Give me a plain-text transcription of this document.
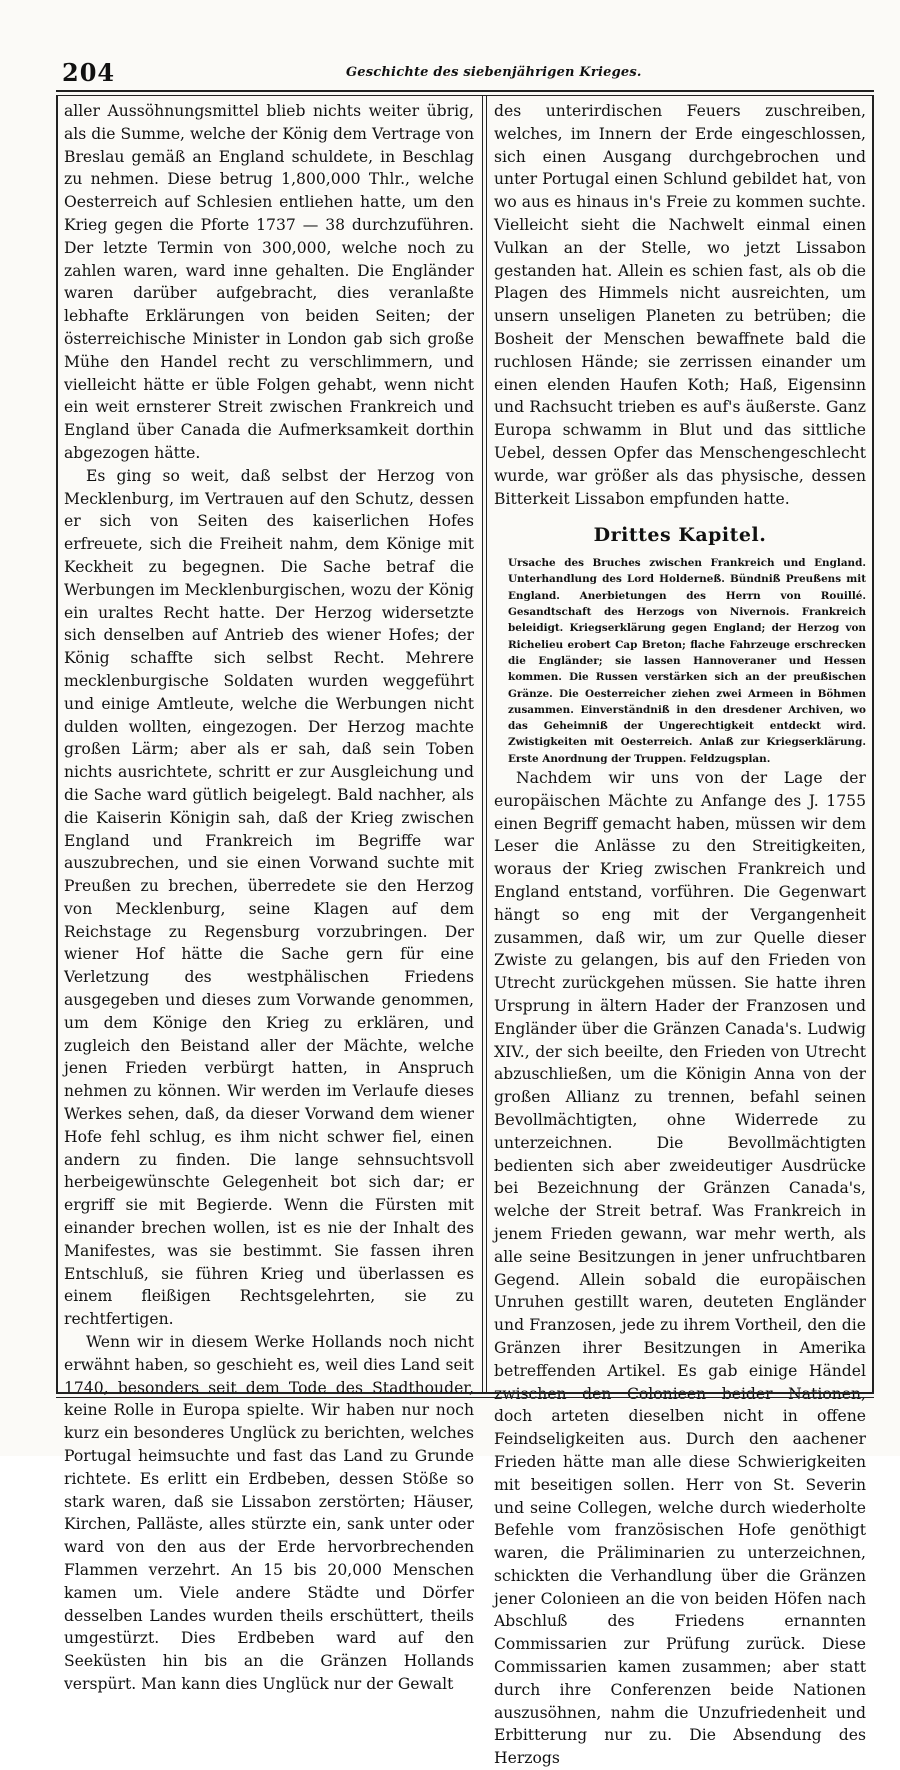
204	Geschichte des siebenjährigen Krieges.

aller Aussöhnungsmittel blieb nichts weiter übrig, als die Summe, welche der König dem Vertrage von Breslau gemäß an England schuldete, in Beschlag zu nehmen. Diese betrug 1,800,000 Thlr., welche Oesterreich auf Schlesien entliehen hatte, um den Krieg gegen die Pforte 1737 — 38 durchzuführen. Der letzte Termin von 300,000, welche noch zu zahlen waren, ward inne gehalten. Die Engländer waren darüber aufgebracht, dies veranlaßte lebhafte Erklärungen von beiden Seiten; der österreichische Minister in London gab sich große Mühe den Handel recht zu verschlimmern, und vielleicht hätte er üble Folgen gehabt, wenn nicht ein weit ernsterer Streit zwischen Frankreich und England über Canada die Aufmerksamkeit dorthin abgezogen hätte.

Es ging so weit, daß selbst der Herzog von Mecklenburg, im Vertrauen auf den Schutz, dessen er sich von Seiten des kaiserlichen Hofes erfreuete, sich die Freiheit nahm, dem Könige mit Keckheit zu begegnen. Die Sache betraf die Werbungen im Mecklenburgischen, wozu der König ein uraltes Recht hatte. Der Herzog widersetzte sich denselben auf Antrieb des wiener Hofes; der König schaffte sich selbst Recht. Mehrere mecklenburgische Soldaten wurden weggeführt und einige Amtleute, welche die Werbungen nicht dulden wollten, eingezogen. Der Herzog machte großen Lärm; aber als er sah, daß sein Toben nichts ausrichtete, schritt er zur Ausgleichung und die Sache ward gütlich beigelegt. Bald nachher, als die Kaiserin Königin sah, daß der Krieg zwischen England und Frankreich im Begriffe war auszubrechen, und sie einen Vorwand suchte mit Preußen zu brechen, überredete sie den Herzog von Mecklenburg, seine Klagen auf dem Reichstage zu Regensburg vorzubringen. Der wiener Hof hätte die Sache gern für eine Verletzung des westphälischen Friedens ausgegeben und dieses zum Vorwande genommen, um dem Könige den Krieg zu erklären, und zugleich den Beistand aller der Mächte, welche jenen Frieden verbürgt hatten, in Anspruch nehmen zu können. Wir werden im Verlaufe dieses Werkes sehen, daß, da dieser Vorwand dem wiener Hofe fehl schlug, es ihm nicht schwer fiel, einen andern zu finden. Die lange sehnsuchtsvoll herbeigewünschte Gelegenheit bot sich dar; er ergriff sie mit Begierde. Wenn die Fürsten mit einander brechen wollen, ist es nie der Inhalt des Manifestes, was sie bestimmt. Sie fassen ihren Entschluß, sie führen Krieg und überlassen es einem fleißigen Rechtsgelehrten, sie zu rechtfertigen.

Wenn wir in diesem Werke Hollands noch nicht erwähnt haben, so geschieht es, weil dies Land seit 1740, besonders seit dem Tode des Stadthouder, keine Rolle in Europa spielte. Wir haben nur noch kurz ein besonderes Unglück zu berichten, welches Portugal heimsuchte und fast das Land zu Grunde richtete. Es erlitt ein Erdbeben, dessen Stöße so stark waren, daß sie Lissabon zerstörten; Häuser, Kirchen, Palläste, alles stürzte ein, sank unter oder ward von den aus der Erde hervorbrechenden Flammen verzehrt. An 15 bis 20,000 Menschen kamen um. Viele andere Städte und Dörfer desselben Landes wurden theils erschüttert, theils umgestürzt. Dies Erdbeben ward auf den Seeküsten hin bis an die Gränzen Hollands verspürt. Man kann dies Unglück nur der Gewalt

des unterirdischen Feuers zuschreiben, welches, im Innern der Erde eingeschlossen, sich einen Ausgang durchgebrochen und unter Portugal einen Schlund gebildet hat, von wo aus es hinaus in's Freie zu kommen suchte. Vielleicht sieht die Nachwelt einmal einen Vulkan an der Stelle, wo jetzt Lissabon gestanden hat. Allein es schien fast, als ob die Plagen des Himmels nicht ausreichten, um unsern unseligen Planeten zu betrüben; die Bosheit der Menschen bewaffnete bald die ruchlosen Hände; sie zerrissen einander um einen elenden Haufen Koth; Haß, Eigensinn und Rachsucht trieben es auf's äußerste. Ganz Europa schwamm in Blut und das sittliche Uebel, dessen Opfer das Menschengeschlecht wurde, war größer als das physische, dessen Bitterkeit Lissabon empfunden hatte.

Drittes Kapitel.

Ursache des Bruches zwischen Frankreich und England. Unterhandlung des Lord Holderneß. Bündniß Preußens mit England. Anerbietungen des Herrn von Rouillé. Gesandtschaft des Herzogs von Nivernois. Frankreich beleidigt. Kriegserklärung gegen England; der Herzog von Richelieu erobert Cap Breton; flache Fahrzeuge erschrecken die Engländer; sie lassen Hannoveraner und Hessen kommen. Die Russen verstärken sich an der preußischen Gränze. Die Oesterreicher ziehen zwei Armeen in Böhmen zusammen. Einverständniß in den dresdener Archiven, wo das Geheimniß der Ungerechtigkeit entdeckt wird. Zwistigkeiten mit Oesterreich. Anlaß zur Kriegserklärung. Erste Anordnung der Truppen. Feldzugsplan.

Nachdem wir uns von der Lage der europäischen Mächte zu Anfange des J. 1755 einen Begriff gemacht haben, müssen wir dem Leser die Anlässe zu den Streitigkeiten, woraus der Krieg zwischen Frankreich und England entstand, vorführen. Die Gegenwart hängt so eng mit der Vergangenheit zusammen, daß wir, um zur Quelle dieser Zwiste zu gelangen, bis auf den Frieden von Utrecht zurückgehen müssen. Sie hatte ihren Ursprung in ältern Hader der Franzosen und Engländer über die Gränzen Canada's. Ludwig XIV., der sich beeilte, den Frieden von Utrecht abzuschließen, um die Königin Anna von der großen Allianz zu trennen, befahl seinen Bevollmächtigten, ohne Widerrede zu unterzeichnen. Die Bevollmächtigten bedienten sich aber zweideutiger Ausdrücke bei Bezeichnung der Gränzen Canada's, welche der Streit betraf. Was Frankreich in jenem Frieden gewann, war mehr werth, als alle seine Besitzungen in jener unfruchtbaren Gegend. Allein sobald die europäischen Unruhen gestillt waren, deuteten Engländer und Franzosen, jede zu ihrem Vortheil, den die Gränzen ihrer Besitzungen in Amerika betreffenden Artikel. Es gab einige Händel zwischen den Colonieen beider Nationen, doch arteten dieselben nicht in offene Feindseligkeiten aus. Durch den aachener Frieden hätte man alle diese Schwierigkeiten mit beseitigen sollen. Herr von St. Severin und seine Collegen, welche durch wiederholte Befehle vom französischen Hofe genöthigt waren, die Präliminarien zu unterzeichnen, schickten die Verhandlung über die Gränzen jener Colonieen an die von beiden Höfen nach Abschluß des Friedens ernannten Commissarien zur Prüfung zurück. Diese Commissarien kamen zusammen; aber statt durch ihre Conferenzen beide Nationen auszusöhnen, nahm die Unzufriedenheit und Erbitterung nur zu. Die Absendung des Herzogs
